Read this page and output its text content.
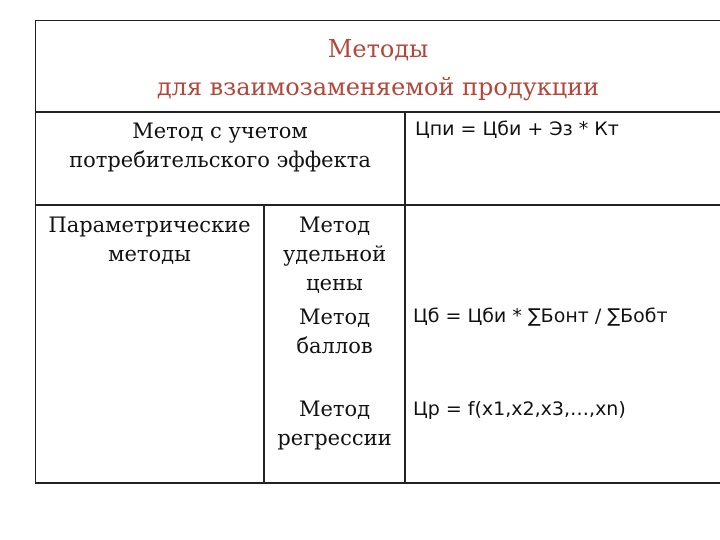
Методы
для взаимозаменяемой продукции
Метод с учетом
потребительского эффекта
Цпи = Цби + Эз * Кт
Параметрические
методы
Метод
удельной
цены
Метод
баллов
Цб = Цби * ∑Бонт / ∑Бобт
Метод
регрессии
Цр = f(x1,x2,x3,…,xn)
